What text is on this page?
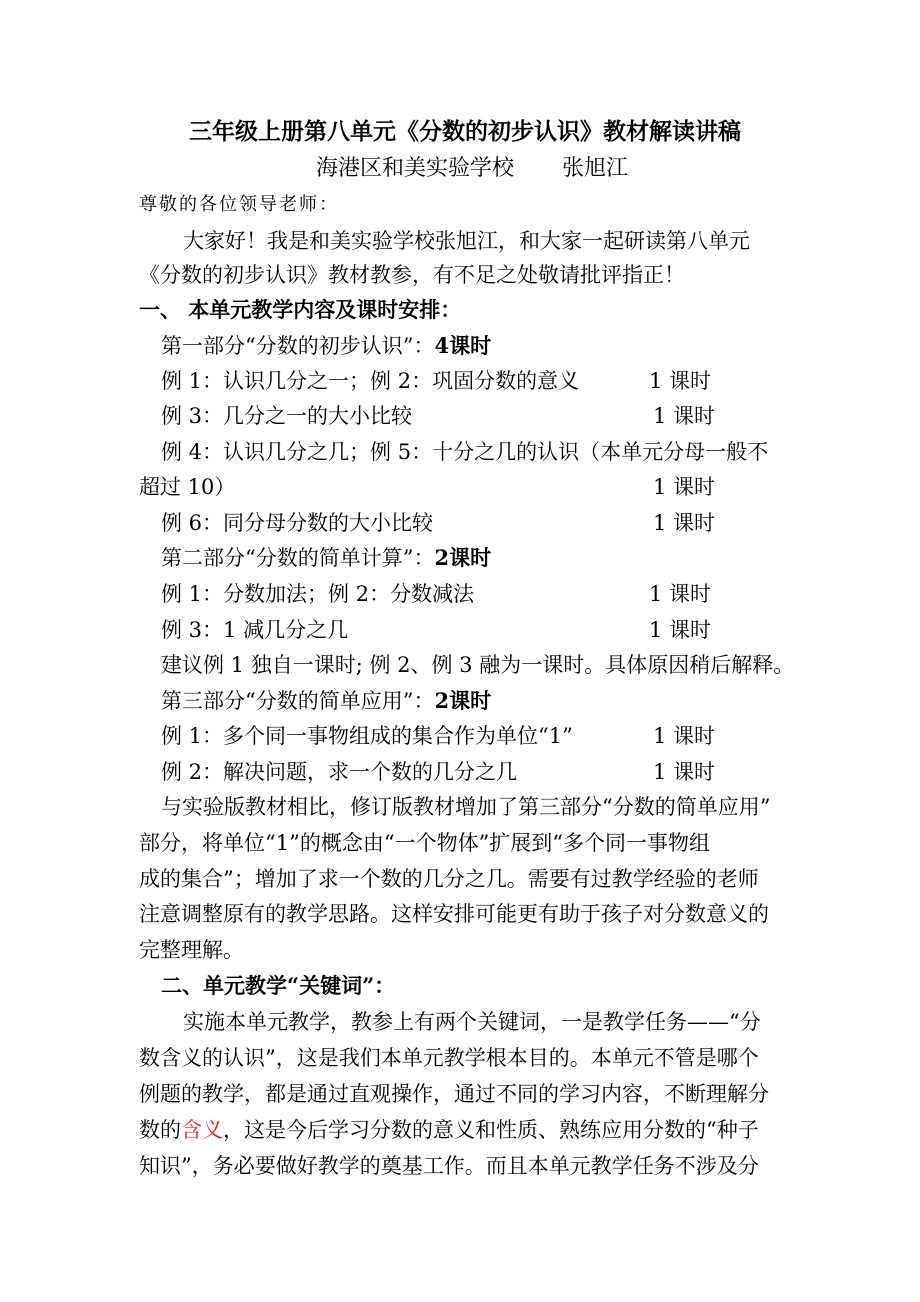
三年级上册第八单元《分数的初步认识》教材解读讲稿
海港区和美实验学校 张旭江
尊敬的各位领导老师：
大家好！我是和美实验学校张旭江，和大家一起研读第八单元
《分数的初步认识》教材教参，有不足之处敬请批评指正！
一、 本单元教学内容及课时安排：
第一部分“分数的初步认识”：4课时
例 1：认识几分之一；例 2：巩固分数的意义	1 课时
例 3：几分之一的大小比较	1 课时
例 4：认识几分之几；例 5：十分之几的认识（本单元分母一般不
超过 10）	1 课时
例 6：同分母分数的大小比较	1 课时
第二部分“分数的简单计算”：2课时
例 1：分数加法；例 2：分数减法	1 课时
例 3：1 减几分之几	1 课时
建议例 1 独自一课时; 例 2、例 3 融为一课时。具体原因稍后解释。
第三部分“分数的简单应用”：2课时
例 1：多个同一事物组成的集合作为单位“1”	1 课时
例 2：解决问题，求一个数的几分之几	1 课时
与实验版教材相比，修订版教材增加了第三部分“分数的简单应用”
部分，将单位“1”的概念由“一个物体”扩展到“多个同一事物组
成的集合”；增加了求一个数的几分之几。需要有过教学经验的老师
注意调整原有的教学思路。这样安排可能更有助于孩子对分数意义的
完整理解。
二、单元教学“关键词”：
实施本单元教学，教参上有两个关键词，一是教学任务——“分
数含义的认识”，这是我们本单元教学根本目的。本单元不管是哪个
例题的教学，都是通过直观操作，通过不同的学习内容，不断理解分
数的含义，这是今后学习分数的意义和性质、熟练应用分数的“种子
知识”，务必要做好教学的奠基工作。而且本单元教学任务不涉及分
